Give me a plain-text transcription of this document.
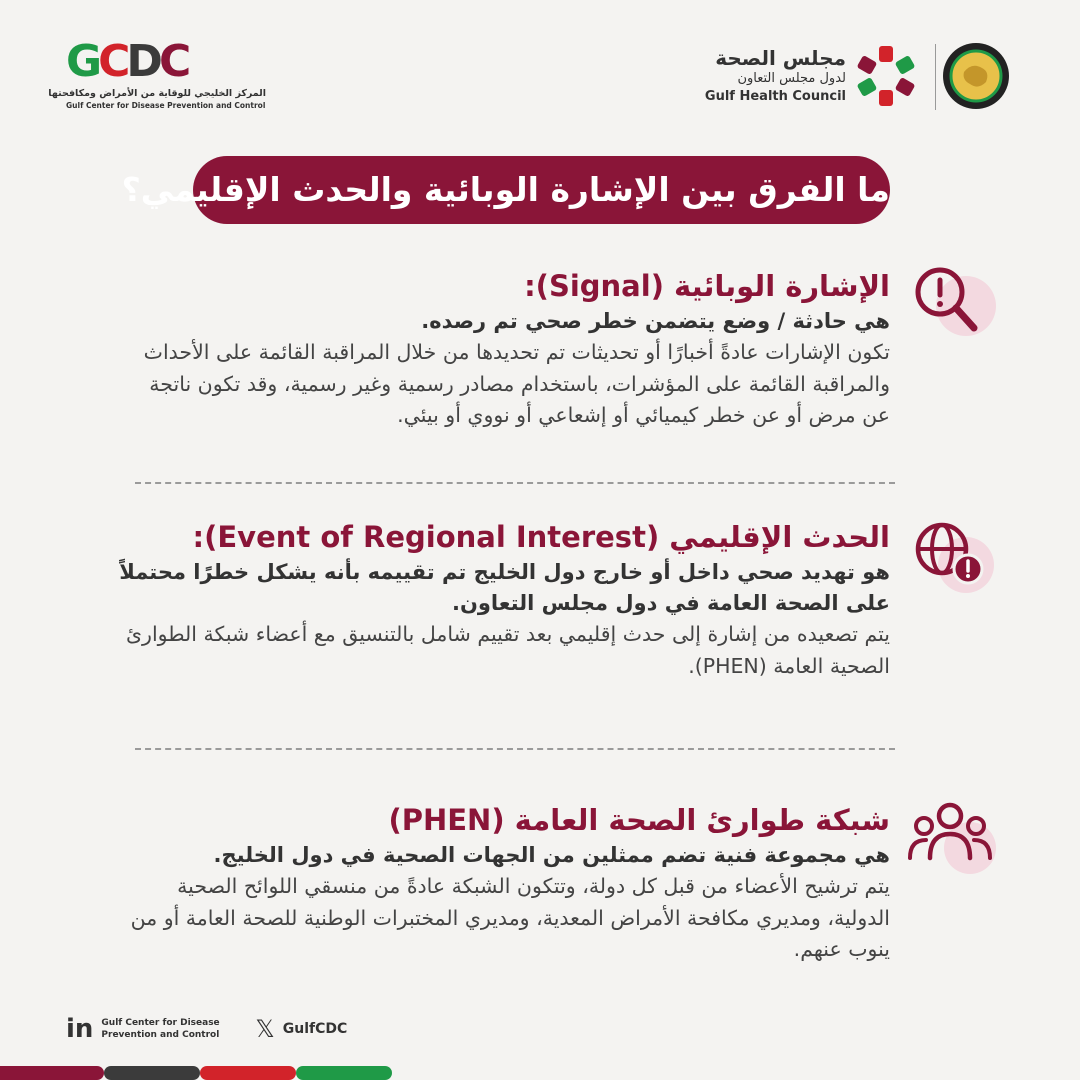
GCDC
المركز الخليجي للوقاية من الأمراض ومكافحتها
Gulf Center for Disease Prevention and Control
مجلس الصحة
لدول مجلس التعاون
Gulf Health Council
ما الفرق بين الإشارة الوبائية والحدث الإقليمي؟
الإشارة الوبائية (Signal):
هي حادثة / وضع يتضمن خطر صحي تم رصده.
تكون الإشارات عادةً أخبارًا أو تحديثات تم تحديدها من خلال المراقبة القائمة على الأحداث والمراقبة القائمة على المؤشرات، باستخدام مصادر رسمية وغير رسمية، وقد تكون ناتجة عن مرض أو عن خطر كيميائي أو إشعاعي أو نووي أو بيئي.
الحدث الإقليمي (Event of Regional Interest):
هو تهديد صحي داخل أو خارج دول الخليج تم تقييمه بأنه يشكل خطرًا محتملاً على الصحة العامة في دول مجلس التعاون.
يتم تصعيده من إشارة إلى حدث إقليمي بعد تقييم شامل بالتنسيق مع أعضاء شبكة الطوارئ الصحية العامة (PHEN).
شبكة طوارئ الصحة العامة (PHEN)
هي مجموعة فنية تضم ممثلين من الجهات الصحية في دول الخليج.
يتم ترشيح الأعضاء من قبل كل دولة، وتتكون الشبكة عادةً من منسقي اللوائح الصحية الدولية، ومديري مكافحة الأمراض المعدية، ومديري المختبرات الوطنية للصحة العامة أو من ينوب عنهم.
in Gulf Center for Disease Prevention and Control 𝕏 GulfCDC
